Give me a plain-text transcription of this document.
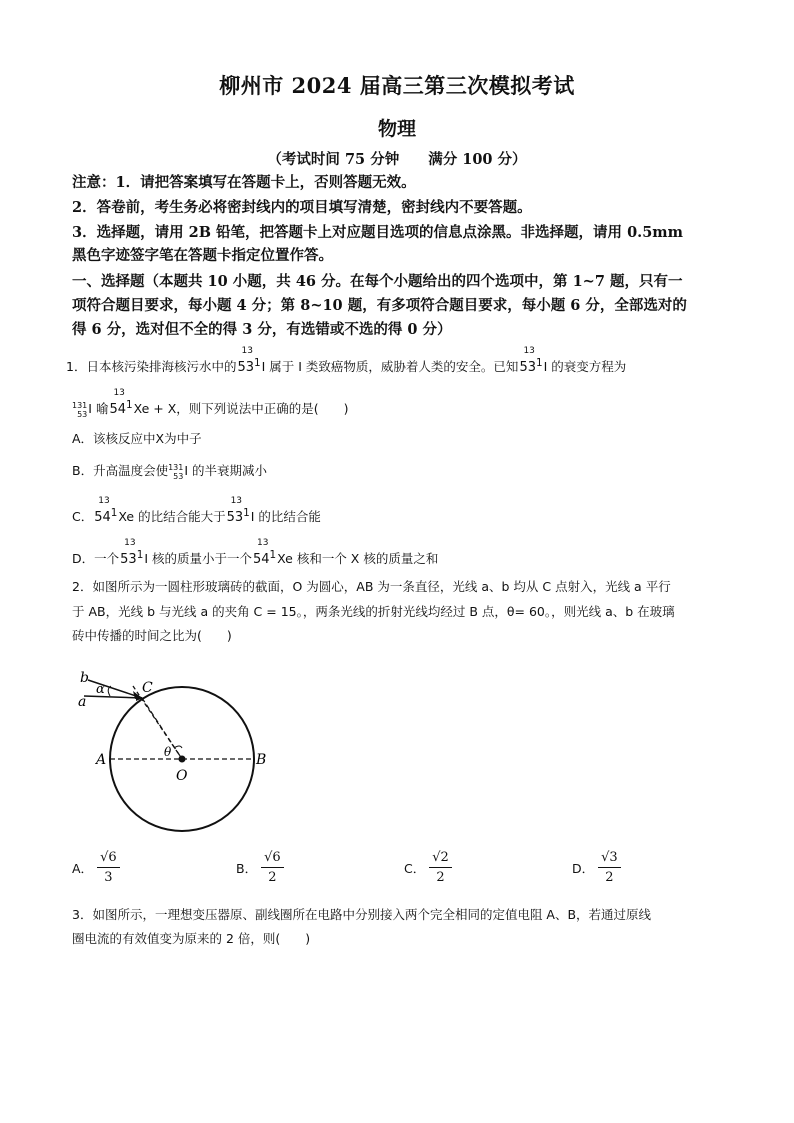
柳州市 2024 届高三第三次模拟考试
物理
（考试时间 75 分钟　　满分 100 分）
注意：1．请把答案填写在答题卡上，否则答题无效。
2．答卷前，考生务必将密封线内的项目填写清楚，密封线内不要答题。
3．选择题，请用 2B 铅笔，把答题卡上对应题目选项的信息点涂黑。非选择题，请用 0.5mm
黑色字迹签字笔在答题卡指定位置作答。
一、选择题（本题共 10 小题，共 46 分。在每个小题给出的四个选项中，第 1~7 题，只有一
项符合题目要求，每小题 4 分；第 8~10 题，有多项符合题目要求，每小题 6 分，全部选对的
得 6 分，选对但不全的得 3 分，有选错或不选的得 0 分）
1．日本核污染排海核污水中的
13
$53^1I$ 属于 I 类致癌物质，威胁着人类的安全。已知
13
$53^1I$ 的衰变方程为
131
53I 喻
13
$54^1Xe + X$，则下列说法中正确的是(　　)
A．该核反应中X为中子
B．升高温度会使131
53I 的半衰期减小
C．
13
$54^1Xe$ 的比结合能大于
13
$53^1I$ 的比结合能
D．一个
13
$53^1I$ 核的质量小于一个
13
$54^1Xe$ 核和一个 X 核的质量之和
2．如图所示为一圆柱形玻璃砖的截面，O 为圆心，AB 为一条直径，光线 a、b 均从 C 点射入，光线 a 平行
于 AB，光线 b 与光线 a 的夹角 C = 15。，两条光线的折射光线均经过 B 点，θ= 60。，则光线 a、b 在玻璃
砖中传播的时间之比为(　　)
b
a
α	C
A	B
O
θ
A． $\frac{√6}{3}$	B． $\frac{√6}{2}$	C． $\frac{√2}{2}$	D． $\frac{√3}{2}$
3．如图所示，一理想变压器原、副线圈所在电路中分别接入两个完全相同的定值电阻 A、B，若通过原线
圈电流的有效值变为原来的 2 倍，则(　　)
